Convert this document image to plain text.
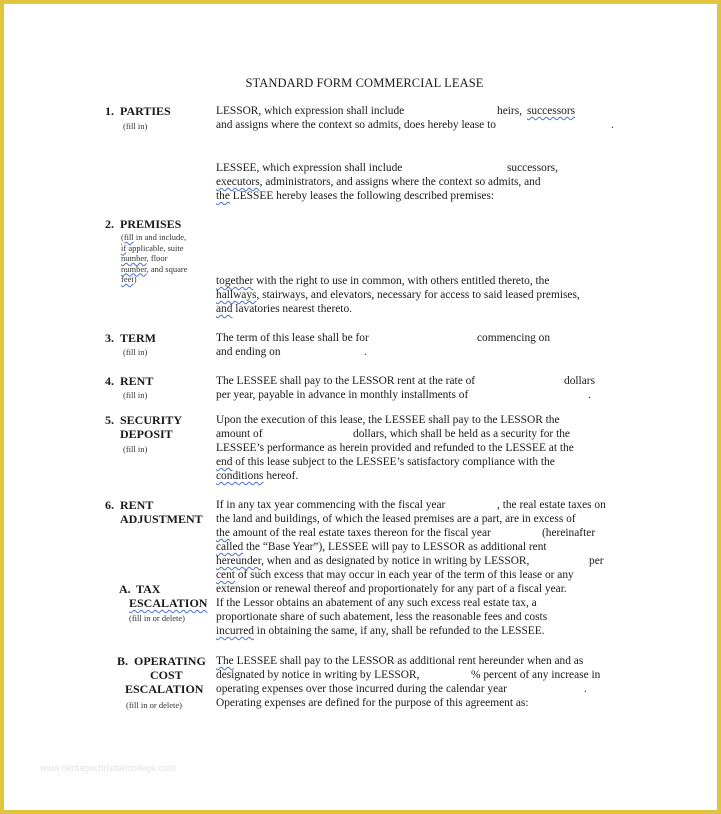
STANDARD FORM COMMERCIAL LEASE
1. PARTIES
(fill in)
LESSOR, which expression shall include	heirs, successors
and assigns where the context so admits, does hereby lease to	.
LESSEE, which expression shall include	successors,
executors, administrators, and assigns where the context so admits, and
the LESSEE hereby leases the following described premises:
2. PREMISES
(fill in and include,
if applicable, suite
number, floor
number, and square
feet)	together with the right to use in common, with others entitled thereto, the
hallways, stairways, and elevators, necessary for access to said leased premises,
and lavatories nearest thereto.
3. TERM
(fill in)
The term of this lease shall be for	commencing on
and ending on	.
4. RENT
(fill in)
The LESSEE shall pay to the LESSOR rent at the rate of	dollars
per year, payable in advance in monthly installments of	.
5. SECURITY
DEPOSIT
(fill in)
Upon the execution of this lease, the LESSEE shall pay to the LESSOR the
amount of	dollars, which shall be held as a security for the
LESSEE’s performance as herein provided and refunded to the LESSEE at the
end of this lease subject to the LESSEE’s satisfactory compliance with the
conditions hereof.
6. RENT
ADJUSTMENT
If in any tax year commencing with the fiscal year	, the real estate taxes on
the land and buildings, of which the leased premises are a part, are in excess of
the amount of the real estate taxes thereon for the fiscal year	(hereinafter
called the “Base Year”), LESSEE will pay to LESSOR as additional rent
hereunder, when and as designated by notice in writing by LESSOR,	per
cent of such excess that may occur in each year of the term of this lease or any
extension or renewal thereof and proportionately for any part of a fiscal year.
A. TAX
ESCALATION
(fill in or delete)
If the Lessor obtains an abatement of any such excess real estate tax, a
proportionate share of such abatement, less the reasonable fees and costs
incurred in obtaining the same, if any, shall be refunded to the LESSEE.
B. OPERATING
COST
ESCALATION
(fill in or delete)
The LESSEE shall pay to the LESSOR as additional rent hereunder when and as
designated by notice in writing by LESSOR,	% percent of any increase in
operating expenses over those incurred during the calendar year	.
Operating expenses are defined for the purpose of this agreement as:
www.heritagechristiancollege.com
